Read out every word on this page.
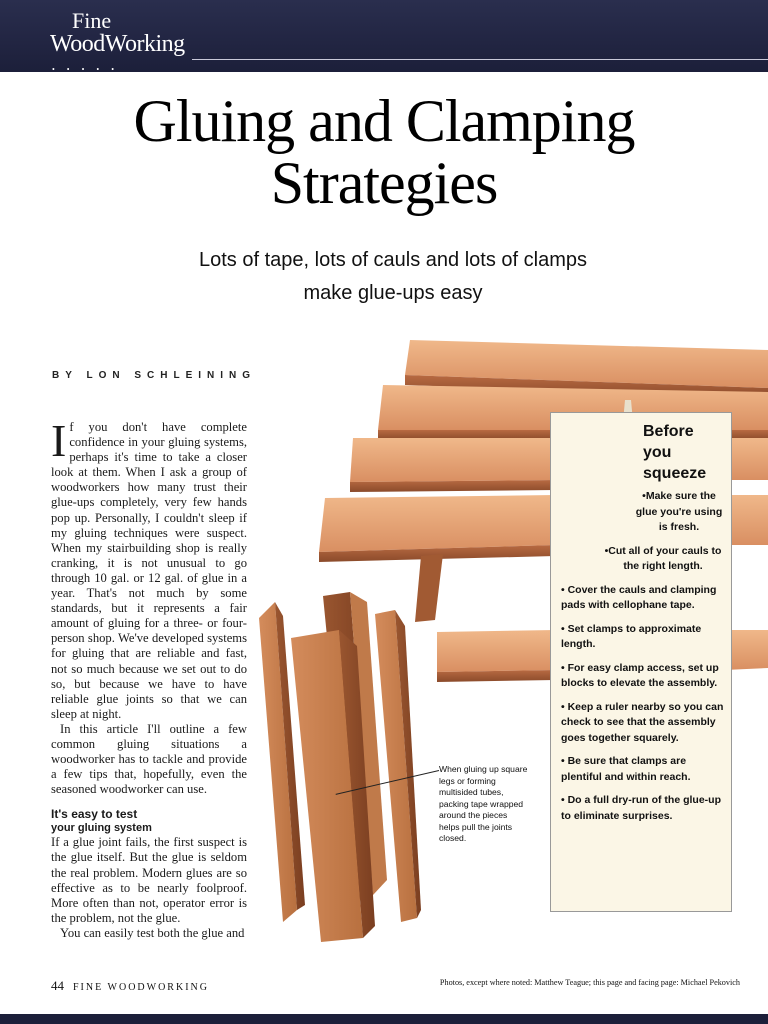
Fine
WoodWorking
• • • • •
Gluing and Clamping
Strategies
Lots of tape, lots of cauls and lots of clamps
make glue-ups easy
BY LON SCHLEINING

If you don't have complete confidence in your gluing systems, perhaps it's time to take a closer look at them. When I ask a group of woodworkers how many trust their glue-ups completely, very few hands pop up. Personally, I couldn't sleep if my gluing techniques were suspect. When my stairbuilding shop is really cranking, it is not unusual to go through 10 gal. or 12 gal. of glue in a year. That's not much by some standards, but it represents a fair amount of gluing for a three- or four-person shop. We've developed systems for gluing that are reliable and fast, not so much because we set out to do so, but because we have to have reliable glue joints so that we can sleep at night.

In this article I'll outline a few common gluing situations a woodworker has to tackle and provide a few tips that, hopefully, even the seasoned woodworker can use.

It's easy to test
your gluing system

If a glue joint fails, the first suspect is the glue itself. But the glue is seldom the real problem. Modern glues are so effective as to be nearly foolproof. More often than not, operator error is the problem, not the glue.

You can easily test both the glue and

When gluing up square legs or forming multisided tubes, packing tape wrapped around the pieces helps pull the joints closed.
Before
you
squeeze
•Make sure the glue you're using is fresh.
•Cut all of your cauls to the right length.
• Cover the cauls and clamping pads with cellophane tape.
• Set clamps to approximate length.
• For easy clamp access, set up blocks to elevate the assembly.
• Keep a ruler nearby so you can check to see that the assembly goes together squarely.
• Be sure that clamps are plentiful and within reach.
• Do a full dry-run of the glue-up to eliminate surprises.
44 FINE WOODWORKING	Photos, except where noted: Matthew Teague; this page and facing page: Michael Pekovich
